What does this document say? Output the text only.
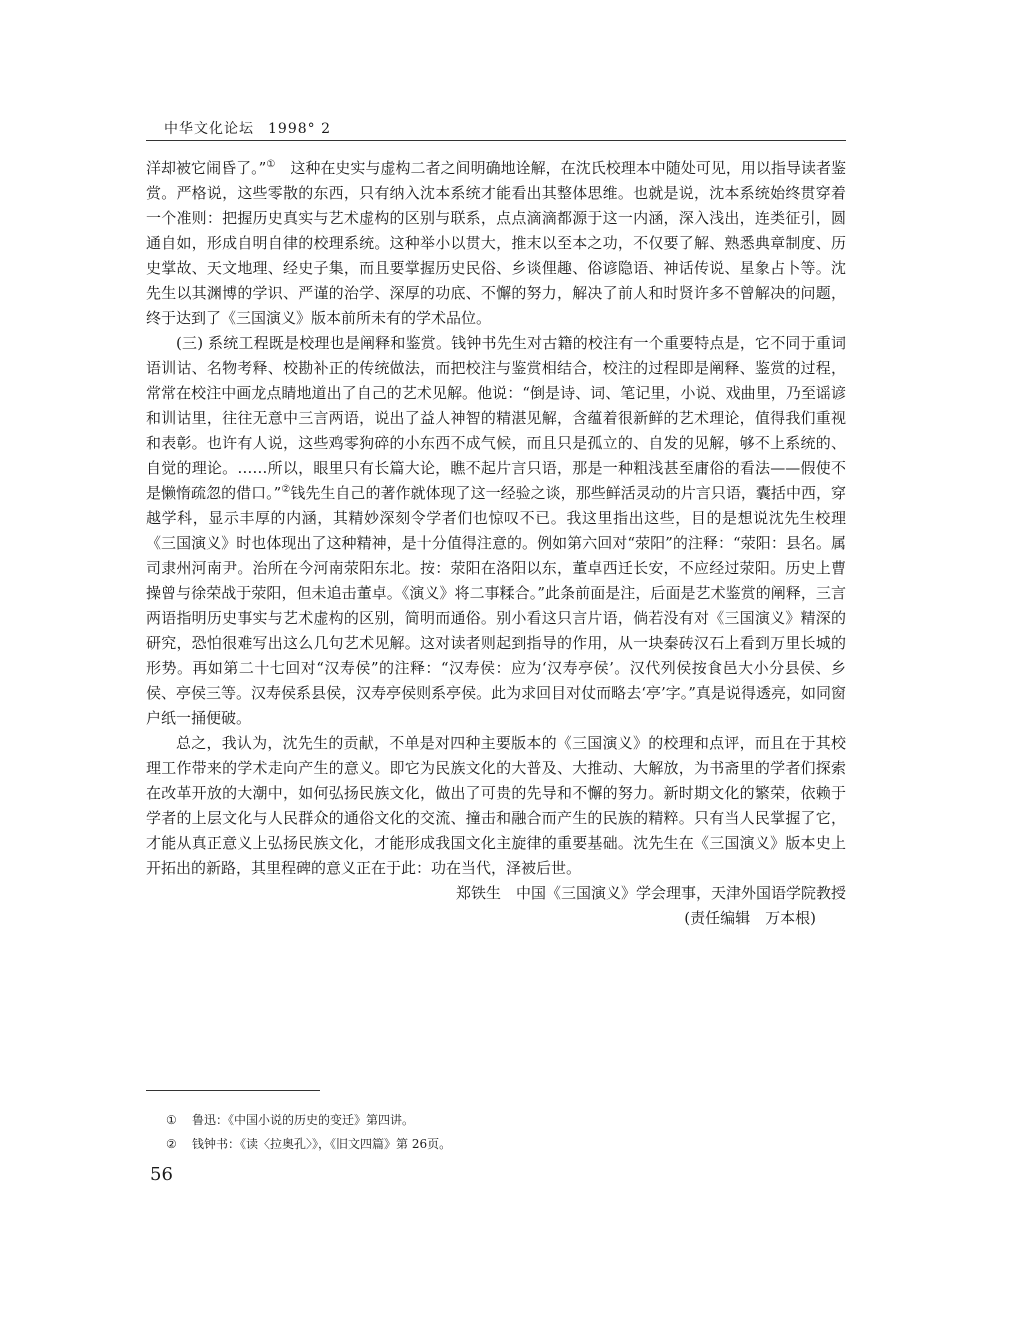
中华文化论坛 1998° 2

洋却被它闹昏了。”①　 这种在史实与虚构二者之间明确地诠解，在沈氏校理本中随处可见，用以指导读者鉴赏。严格说，这些零散的东西，只有纳入沈本系统才能看出其整体思维。也就是说，沈本系统始终贯穿着一个准则：把握历史真实与艺术虚构的区别与联系，点点滴滴都源于这一内涵，深入浅出，连类征引，圆通自如，形成自明自律的校理系统。这种举小以贯大，推末以至本之功，不仅要了解、熟悉典章制度、历史掌故、天文地理、经史子集，而且要掌握历史民俗、乡谈俚趣、俗谚隐语、神话传说、星象占卜等。沈先生以其渊博的学识、严谨的治学、深厚的功底、不懈的努力，解决了前人和时贤许多不曾解决的问题，终于达到了《三国演义》版本前所未有的学术品位。

(三) 系统工程既是校理也是阐释和鉴赏。钱钟书先生对古籍的校注有一个重要特点是，它不同于重词语训诂、名物考释、校勘补正的传统做法，而把校注与鉴赏相结合，校注的过程即是阐释、鉴赏的过程，常常在校注中画龙点睛地道出了自己的艺术见解。他说：“倒是诗、词、笔记里，小说、戏曲里，乃至谣谚和训诂里，往往无意中三言两语，说出了益人神智的精湛见解，含蕴着很新鲜的艺术理论，值得我们重视和表彰。也许有人说，这些鸡零狗碎的小东西不成气候，而且只是孤立的、自发的见解，够不上系统的、自觉的理论。……所以，眼里只有长篇大论，瞧不起片言只语，那是一种粗浅甚至庸俗的看法——假使不是懒惰疏忽的借口。”②钱先生自己的著作就体现了这一经验之谈，那些鲜活灵动的片言只语，囊括中西，穿越学科，显示丰厚的内涵，其精妙深刻令学者们也惊叹不已。我这里指出这些，目的是想说沈先生校理《三国演义》时也体现出了这种精神，是十分值得注意的。例如第六回对“荥阳”的注释：“荥阳：县名。属司隶州河南尹。治所在今河南荥阳东北。按：荥阳在洛阳以东，董卓西迁长安，不应经过荥阳。历史上曹操曾与徐荣战于荥阳，但未追击董卓。《演义》将二事糅合。”此条前面是注，后面是艺术鉴赏的阐释，三言两语指明历史事实与艺术虚构的区别，简明而通俗。别小看这只言片语，倘若没有对《三国演义》精深的研究，恐怕很难写出这么几句艺术见解。这对读者则起到指导的作用，从一块秦砖汉石上看到万里长城的形势。再如第二十七回对“汉寿侯”的注释：“汉寿侯：应为‘汉寿亭侯’。汉代列侯按食邑大小分县侯、乡侯、亭侯三等。汉寿侯系县侯，汉寿亭侯则系亭侯。此为求回目对仗而略去‘亭’字。”真是说得透亮，如同窗户纸一捅便破。

总之，我认为，沈先生的贡献，不单是对四种主要版本的《三国演义》的校理和点评，而且在于其校理工作带来的学术走向产生的意义。即它为民族文化的大普及、大推动、大解放，为书斋里的学者们探索在改革开放的大潮中，如何弘扬民族文化，做出了可贵的先导和不懈的努力。新时期文化的繁荣，依赖于学者的上层文化与人民群众的通俗文化的交流、撞击和融合而产生的民族的精粹。只有当人民掌握了它，才能从真正意义上弘扬民族文化，才能形成我国文化主旋律的重要基础。沈先生在《三国演义》版本史上开拓出的新路，其里程碑的意义正在于此：功在当代，泽被后世。

郑铁生　中国《三国演义》学会理事，天津外国语学院教授

(责任编辑　万本根)

① 鲁迅：《中国小说的历史的变迁》第四讲。
② 钱钟书：《读〈拉奥孔〉》，《旧文四篇》第 26页。
56
